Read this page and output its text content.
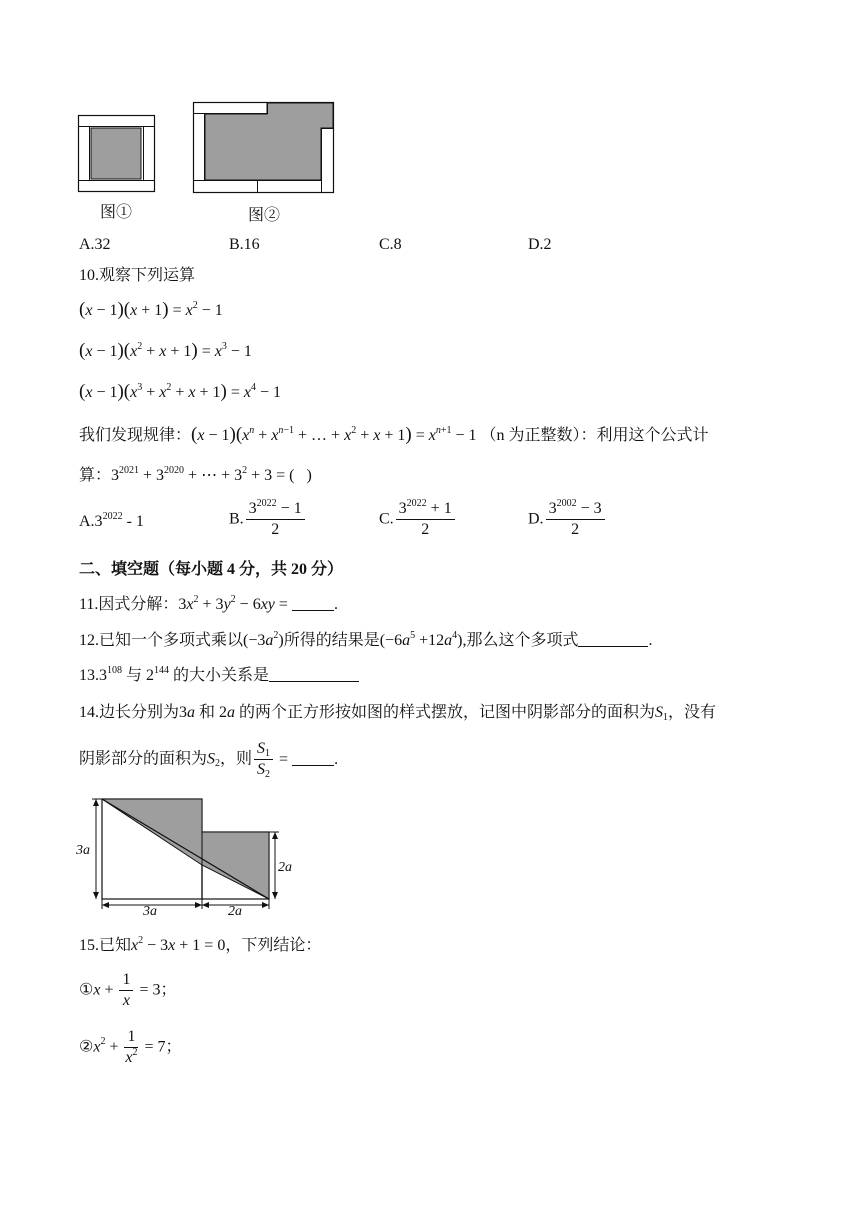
图①	图②
A.32	B.16	C.8	D.2
10.观察下列运算
$(x - 1)(x + 1) = x^2 - 1$
$(x - 1)(x^2 + x + 1) = x^3 - 1$
$(x - 1)(x^3 + x^2 + x + 1) = x^4 - 1$
我们发现规律：$(x - 1)(x^n + x^{n-1}$ + … + $x^2 + x + 1) = x^{n+1} - 1$ （n 为正整数）：利用这个公式计
算：$3^{2021} + 3^{2020}$ + ⋯ + $3^2 + 3$ = (   )
$A.3^{2022}$ ‑ 1	B. $\frac{3^{2022} - 1}{2}$	C. $\frac{3^{2022} + 1}{2}$	D. $\frac{3^{2002} - 3}{2}$
二、填空题（每小题 4 分，共 20 分）
11.因式分解：$3x^2 + 3y^2 - 6xy$ =	.
12.已知一个多项式乘以$(-3a^2)$所得的结果是$(-6a^5 +12a^4)$,那么这个多项式	.
13.3$^{108}$ 与 $2^{144}$ 的大小关系是
14.边长分别为3a 和 2a 的两个正方形按如图的样式摆放，记图中阴影部分的面积为$S_1$，没有
阴影部分的面积为$S_2$，则 $\frac{S_1}{S_2}$ =	.
3a
2a
3a	2a
15.已知$x^2 - 3x + 1 = 0$，下列结论：
①x + $\frac{1}{x} = 3$；
$②x^2 + \frac{1}{x^2} = 7$；
